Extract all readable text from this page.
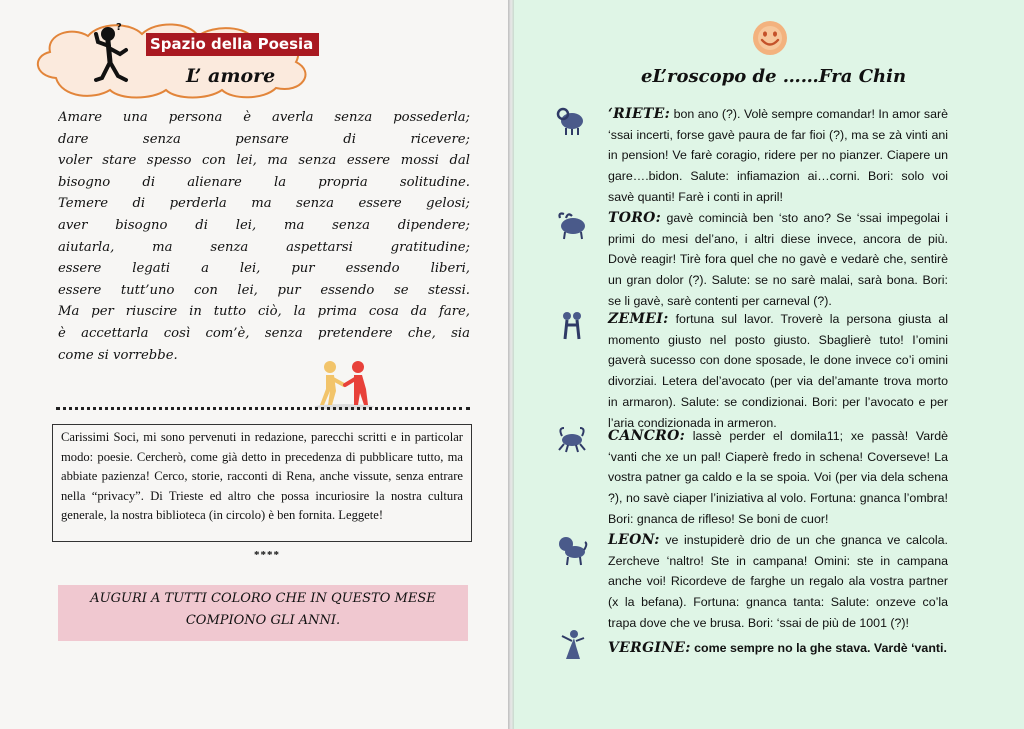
?
Spazio della Poesia
L’ amore
Amare una persona è averla senza possederla;
dare senza pensare di ricevere;
voler stare spesso con lei, ma senza essere mossi dal
bisogno di alienare la propria solitudine.
Temere di perderla ma senza essere gelosi;
aver bisogno di lei, ma senza dipendere;
aiutarla, ma senza aspettarsi gratitudine;
essere legati a lei, pur essendo liberi,
essere tutt’uno con lei, pur essendo se stessi.
Ma per riuscire in tutto ciò, la prima cosa da fare,
è accettarla così com’è, senza pretendere che, sia
come si vorrebbe.
Carissimi Soci, mi sono pervenuti in redazione, parecchi scritti e in particolar modo: poesie. Cercherò, come già detto in precedenza di pubblicare tutto, ma abbiate pazienza! Cerco, storie, racconti di Rena, anche vissute, senza entrare nella “privacy”. Di Trieste ed altro che possa incuriosire la nostra cultura generale, la nostra biblioteca (in circolo) è ben fornita. Leggete!
****
AUGURI A TUTTI COLORO CHE IN QUESTO MESE
COMPIONO GLI ANNI.
eL’roscopo de ……Fra Chin
‘RIETE: bon ano (?). Volè sempre comandar! In amor sarè ‘ssai incerti, forse gavè paura de far fioi (?), ma se zà vinti ani in pension! Ve farè coragio, ridere per no pianzer. Ciapere un gare….bidon. Salute: infiamazion ai…corni. Bori: solo voi savè quanti! Farè i conti in april!
TORO: gavè comincià ben ‘sto ano? Se ‘ssai impegolai i primi do mesi del’ano, i altri diese invece, ancora de più. Dovè reagir! Tirè fora quel che no gavè e vedarè che, sentirè un gran dolor (?). Salute: se no sarè malai, sarà bona. Bori: se li gavè, sarè contenti per carneval (?).
ZEMEI: fortuna sul lavor. Troverè la persona giusta al momento giusto nel posto giusto. Sbaglierè tuto! I’omini gaverà sucesso con done sposade, le done invece co’i omini divorziai. Letera del’avocato (per via del’amante trova morto in armaron). Salute: se condizionai. Bori: per l’avocato e per l’aria condizionada in armeron.
CANCRO: lassè perder el domila11; xe passà! Vardè ‘vanti che xe un pal! Ciaperè fredo in schena! Coverseve! La vostra patner ga caldo e la se spoia. Voi (per via dela schena ?), no savè ciaper l’iniziativa al volo. Fortuna: gnanca l’ombra! Bori: gnanca de rifleso! Se boni de cuor!
LEON: ve instupiderè drio de un che gnanca ve calcola. Zercheve ‘naltro! Ste in campana! Omini: ste in campana anche voi! Ricordeve de farghe un regalo ala vostra partner (x la befana). Fortuna: gnanca tanta: Salute: onzeve co’la trapa dove che ve brusa. Bori: ‘ssai de più de 1001 (?)!
VERGINE: come sempre no la ghe stava. Vardè ‘vanti.
